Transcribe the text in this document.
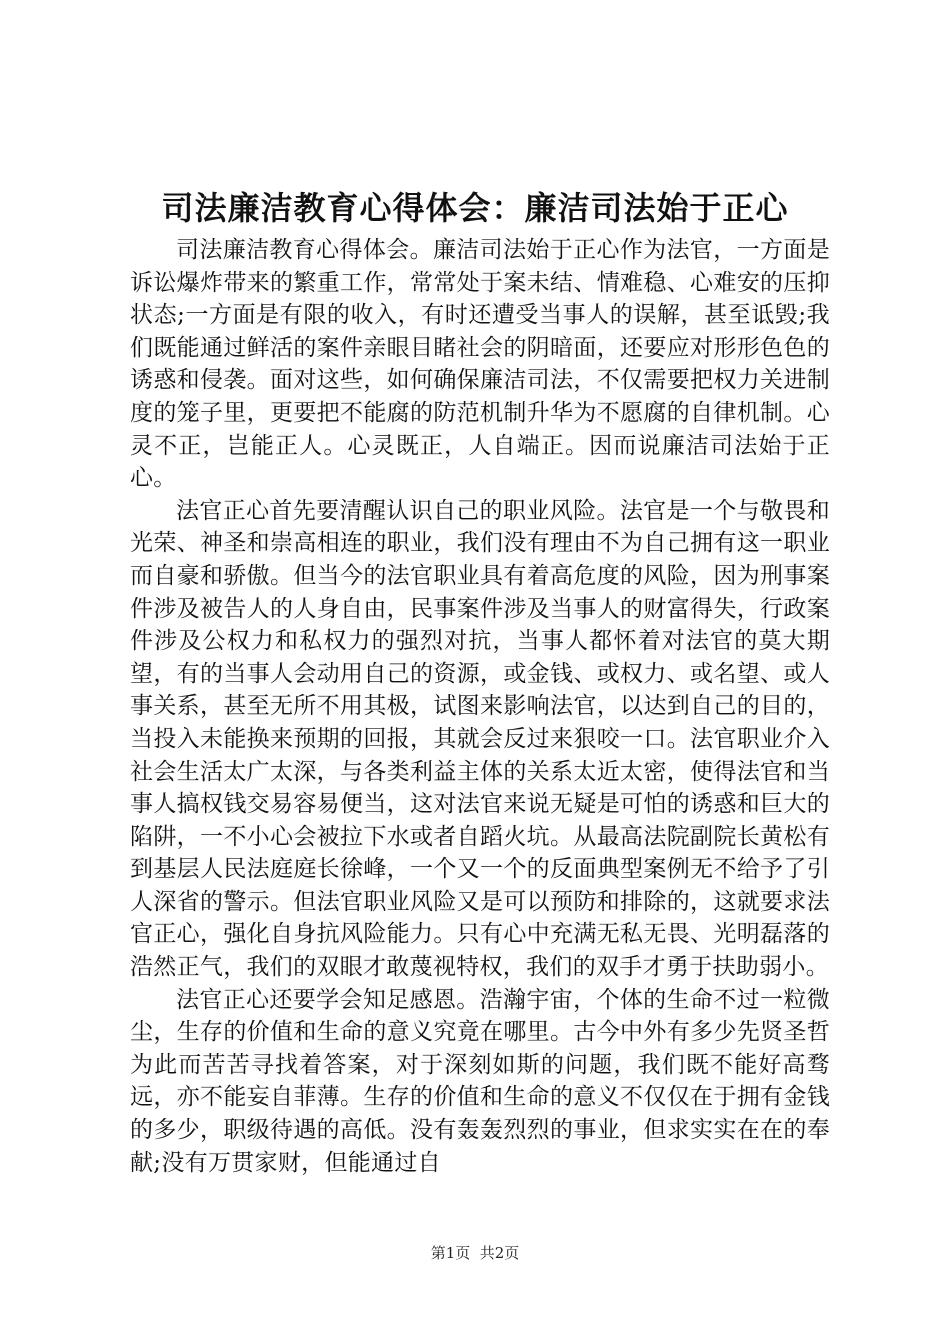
司法廉洁教育心得体会：廉洁司法始于正心

司法廉洁教育心得体会。廉洁司法始于正心作为法官，一方面是诉讼爆炸带来的繁重工作，常常处于案未结、情难稳、心难安的压抑状态;一方面是有限的收入，有时还遭受当事人的误解，甚至诋毁;我们既能通过鲜活的案件亲眼目睹社会的阴暗面，还要应对形形色色的诱惑和侵袭。面对这些，如何确保廉洁司法，不仅需要把权力关进制度的笼子里，更要把不能腐的防范机制升华为不愿腐的自律机制。心灵不正，岂能正人。心灵既正，人自端正。因而说廉洁司法始于正心。

法官正心首先要清醒认识自己的职业风险。法官是一个与敬畏和光荣、神圣和崇高相连的职业，我们没有理由不为自己拥有这一职业而自豪和骄傲。但当今的法官职业具有着高危度的风险，因为刑事案件涉及被告人的人身自由，民事案件涉及当事人的财富得失，行政案件涉及公权力和私权力的强烈对抗，当事人都怀着对法官的莫大期望，有的当事人会动用自己的资源，或金钱、或权力、或名望、或人事关系，甚至无所不用其极，试图来影响法官，以达到自己的目的，当投入未能换来预期的回报，其就会反过来狠咬一口。法官职业介入社会生活太广太深，与各类利益主体的关系太近太密，使得法官和当事人搞权钱交易容易便当，这对法官来说无疑是可怕的诱惑和巨大的陷阱，一不小心会被拉下水或者自蹈火坑。从最高法院副院长黄松有到基层人民法庭庭长徐峰，一个又一个的反面典型案例无不给予了引人深省的警示。但法官职业风险又是可以预防和排除的，这就要求法官正心，强化自身抗风险能力。只有心中充满无私无畏、光明磊落的浩然正气，我们的双眼才敢蔑视特权，我们的双手才勇于扶助弱小。

法官正心还要学会知足感恩。浩瀚宇宙，个体的生命不过一粒微尘，生存的价值和生命的意义究竟在哪里。古今中外有多少先贤圣哲为此而苦苦寻找着答案，对于深刻如斯的问题，我们既不能好高骛远，亦不能妄自菲薄。生存的价值和生命的意义不仅仅在于拥有金钱的多少，职级待遇的高低。没有轰轰烈烈的事业，但求实实在在的奉献;没有万贯家财，但能通过自

第1页  共2页
